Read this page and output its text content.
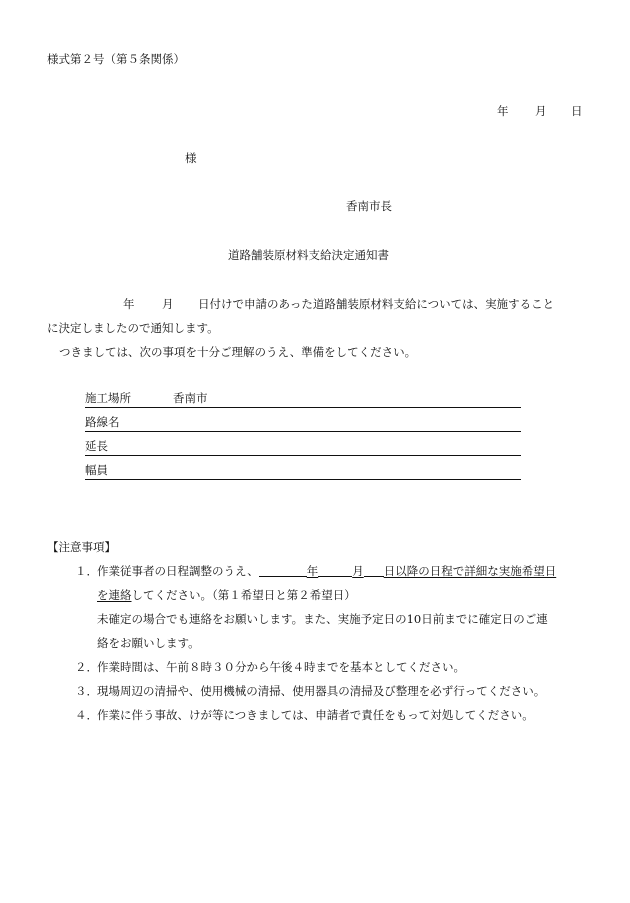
様式第２号（第５条関係）
年 月 日
様
香南市長
道路舗装原材料支給決定通知書
年 月 日付けで申請のあった道路舗装原材料支給については、実施すること
に決定しましたので通知します。
つきましては、次の事項を十分ご理解のうえ、準備をしてください。
施工場所	香南市
路線名
延長
幅員
【注意事項】
１． 作業従事者の日程調整のうえ、	年	月 日以降の日程で詳細な実施希望日
を連絡してください。（第１希望日と第２希望日）
未確定の場合でも連絡をお願いします。また、実施予定日の10日前までに確定日のご連
絡をお願いします。
２． 作業時間は、午前８時３０分から午後４時までを基本としてください。
３． 現場周辺の清掃や、使用機械の清掃、使用器具の清掃及び整理を必ず行ってください。
４． 作業に伴う事故、けが等につきましては、申請者で責任をもって対処してください。
